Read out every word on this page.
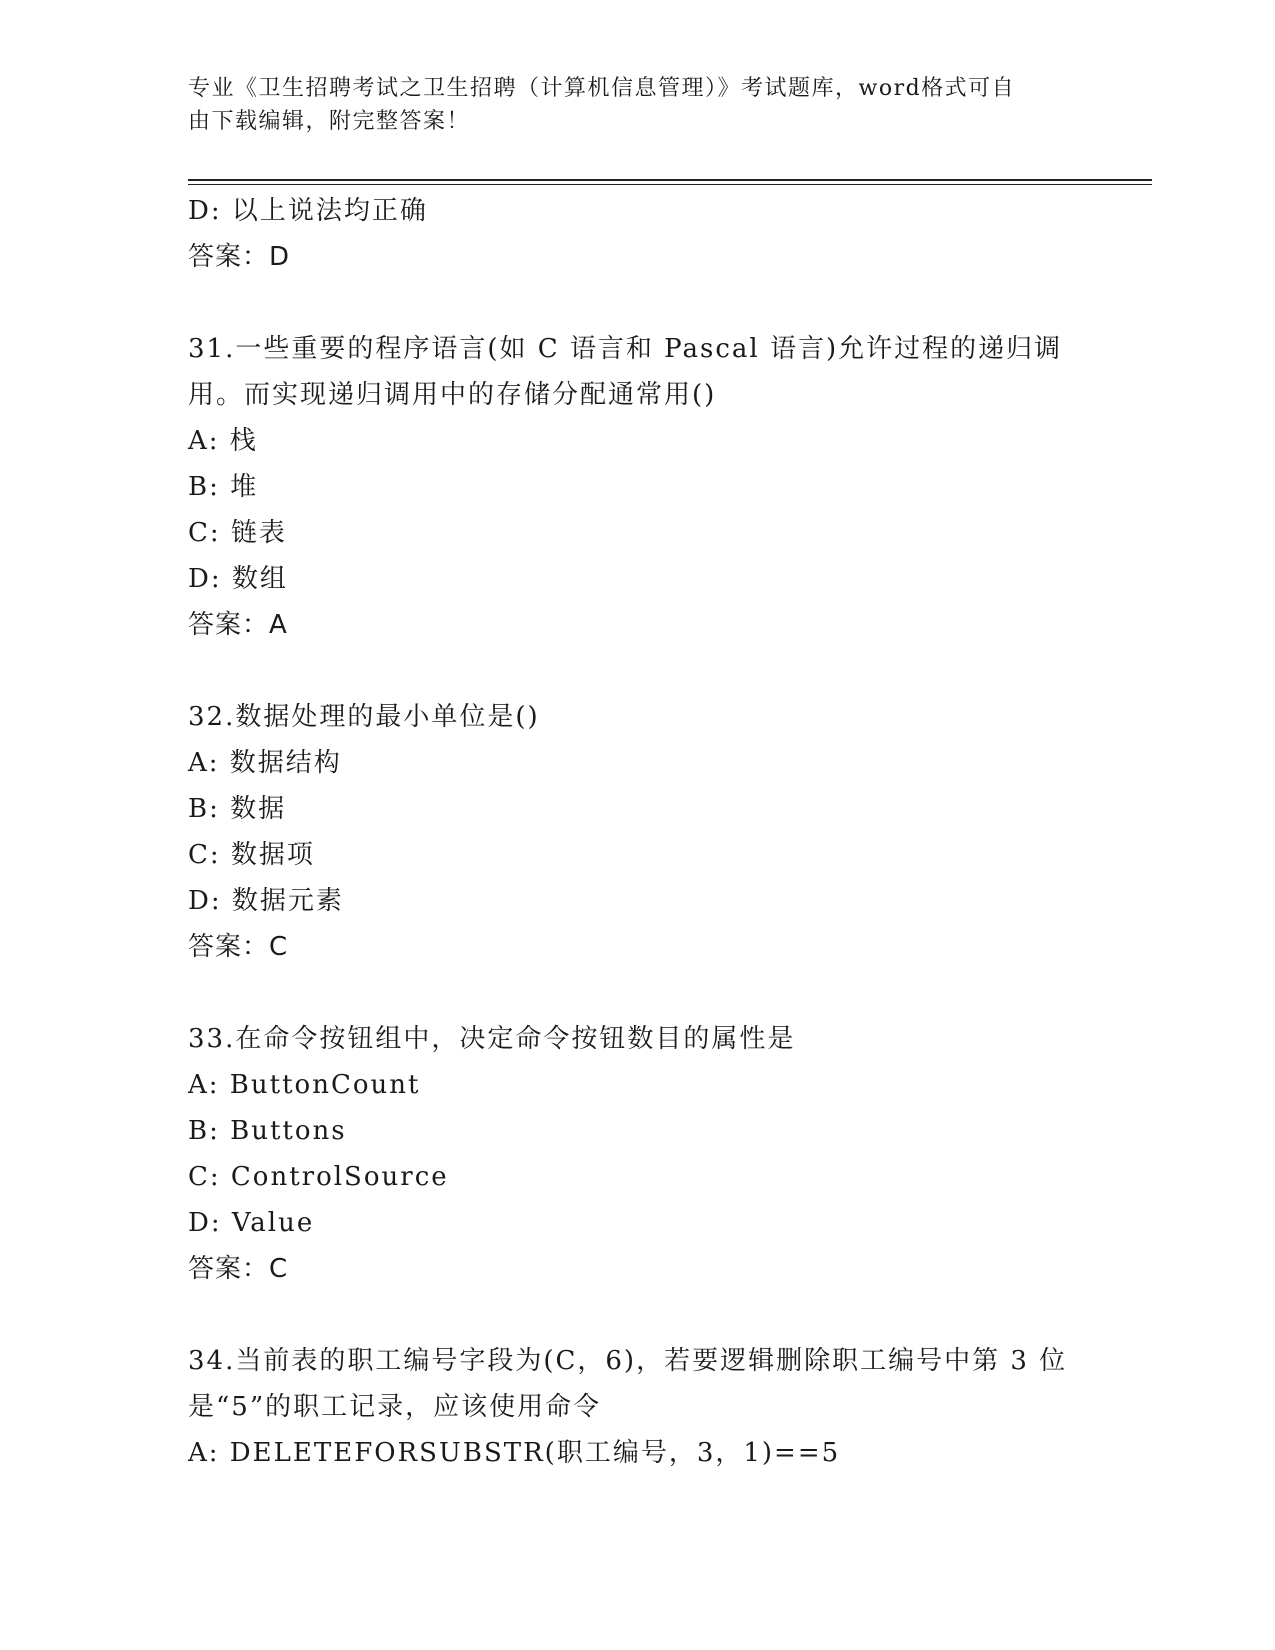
专业《卫生招聘考试之卫生招聘（计算机信息管理）》考试题库，word格式可自
由下载编辑，附完整答案！
D: 以上说法均正确
答案：D
31.一些重要的程序语言(如 C 语言和 Pascal 语言)允许过程的递归调
用。而实现递归调用中的存储分配通常用()
A: 栈
B: 堆
C: 链表
D: 数组
答案：A
32.数据处理的最小单位是()
A: 数据结构
B: 数据
C: 数据项
D: 数据元素
答案：C
33.在命令按钮组中，决定命令按钮数目的属性是
A: ButtonCount
B: Buttons
C: ControlSource
D: Value
答案：C
34.当前表的职工编号字段为(C，6)，若要逻辑删除职工编号中第 3 位
是“5”的职工记录，应该使用命令
A: DELETEFORSUBSTR(职工编号，3，1)==5
